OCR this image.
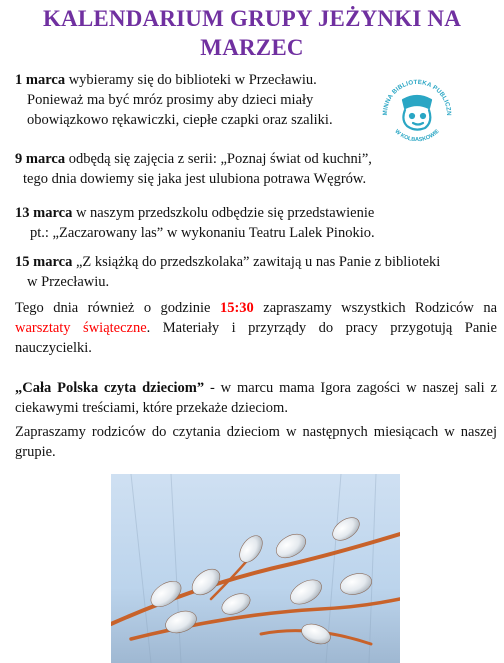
KALENDARIUM GRUPY JEŻYNKI NA
MARZEC
1 marca wybieramy się do biblioteki w Przecławiu.
Ponieważ ma być mróz prosimy aby dzieci miały
obowiązkowo rękawiczki, ciepłe czapki oraz szaliki.	MINNA BIBLIOTEKA PUBLICZN
W KOLBASKOWIE
9 marca odbędą się zajęcia z serii: „Poznaj świat od kuchni”,
tego dnia dowiemy się jaka jest ulubiona potrawa Węgrów.
13 marca w naszym przedszkolu odbędzie się przedstawienie
pt.: „Zaczarowany las” w wykonaniu Teatru Lalek Pinokio.
15 marca „Z książką do przedszkolaka” zawitają u nas Panie z biblioteki
w Przecławiu.
Tego dnia również o godzinie 15:30 zapraszamy wszystkich Rodziców na warsztaty świąteczne. Materiały i przyrządy do pracy przygotują Panie nauczycielki.
„Cała Polska czyta dzieciom” - w marcu mama Igora zagości w naszej sali z ciekawymi treściami, które przekaże dzieciom.
Zapraszamy rodziców do czytania dzieciom w następnych miesiącach w naszej grupie.
